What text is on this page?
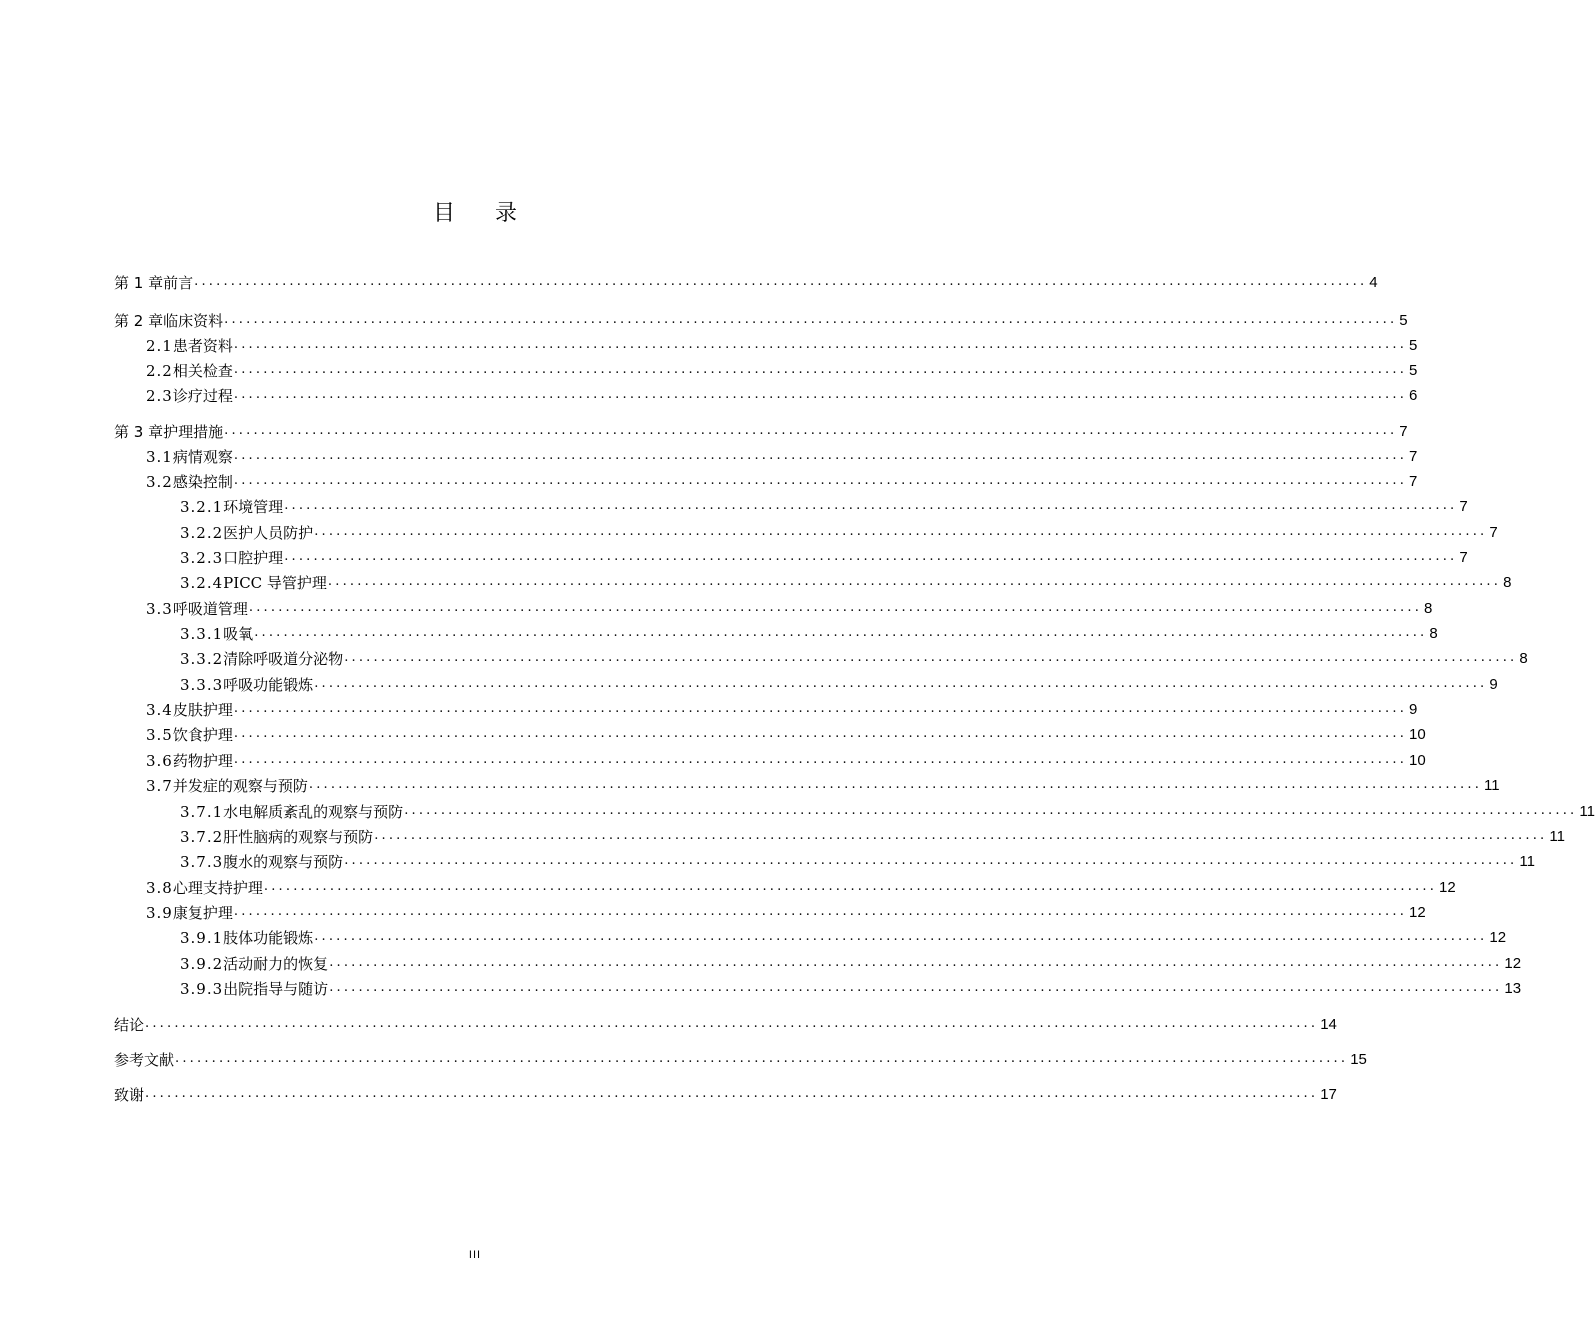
目 录
第 1 章 前言 ................................................................................................................................................................ 4
第 2 章 临床资料 ................................................................................................................................................................ 5
2.1 患者资料 ................................................................................................................................................................ 5
2.2 相关检查 ................................................................................................................................................................ 5
2.3 诊疗过程 ................................................................................................................................................................ 6
第 3 章 护理措施 ................................................................................................................................................................ 7
3.1 病情观察 ................................................................................................................................................................ 7
3.2 感染控制 ................................................................................................................................................................ 7
3.2.1 环境管理 ................................................................................................................................................................ 7
3.2.2 医护人员防护 ................................................................................................................................................................ 7
3.2.3 口腔护理 ................................................................................................................................................................ 7
3.2.4 PICC 导管护理 ................................................................................................................................................................ 8
3.3 呼吸道管理 ................................................................................................................................................................ 8
3.3.1 吸氧 ................................................................................................................................................................ 8
3.3.2 清除呼吸道分泌物 ................................................................................................................................................................ 8
3.3.3 呼吸功能锻炼 ................................................................................................................................................................ 9
3.4 皮肤护理 ................................................................................................................................................................ 9
3.5 饮食护理 ................................................................................................................................................................ 10
3.6 药物护理 ................................................................................................................................................................ 10
3.7 并发症的观察与预防 ................................................................................................................................................................ 11
3.7.1 水电解质紊乱的观察与预防 ................................................................................................................................................................ 11
3.7.2 肝性脑病的观察与预防 ................................................................................................................................................................ 11
3.7.3 腹水的观察与预防 ................................................................................................................................................................ 11
3.8 心理支持护理 ................................................................................................................................................................ 12
3.9 康复护理 ................................................................................................................................................................ 12
3.9.1 肢体功能锻炼 ................................................................................................................................................................ 12
3.9.2 活动耐力的恢复 ................................................................................................................................................................ 12
3.9.3 出院指导与随访 ................................................................................................................................................................ 13
结论 ................................................................................................................................................................ 14
参考文献 ................................................................................................................................................................ 15
致谢 ................................................................................................................................................................ 17
III
